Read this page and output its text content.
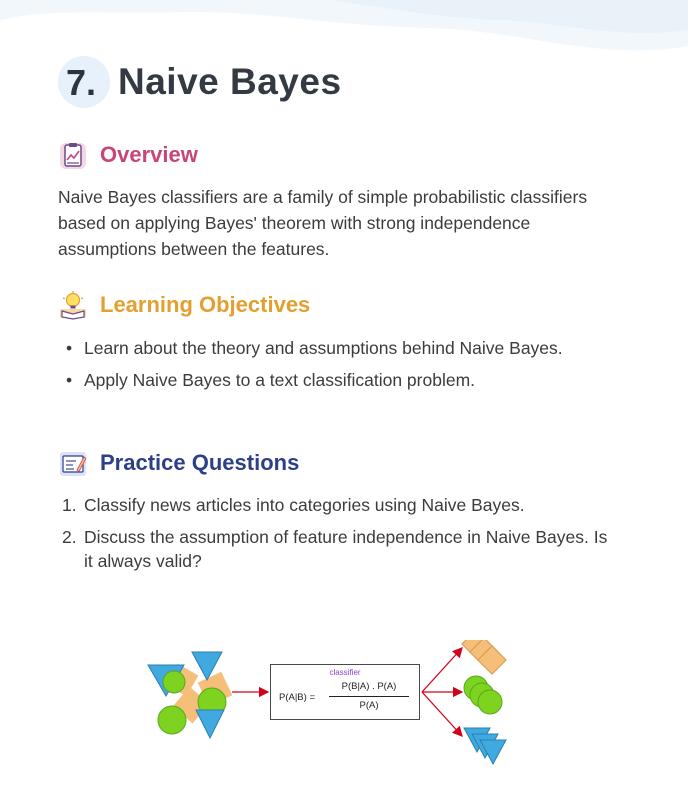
7. Naive Bayes
Overview
Naive Bayes classifiers are a family of simple probabilistic classifiers based on applying Bayes' theorem with strong independence assumptions between the features.
Learning Objectives
• Learn about the theory and assumptions behind Naive Bayes.
• Apply Naive Bayes to a text classification problem.
Practice Questions
1. Classify news articles into categories using Naive Bayes.
2. Discuss the assumption of feature independence in Naive Bayes. Is it always valid?
classifier
P(A|B) =
P(B|A) . P(A)
P(A)
